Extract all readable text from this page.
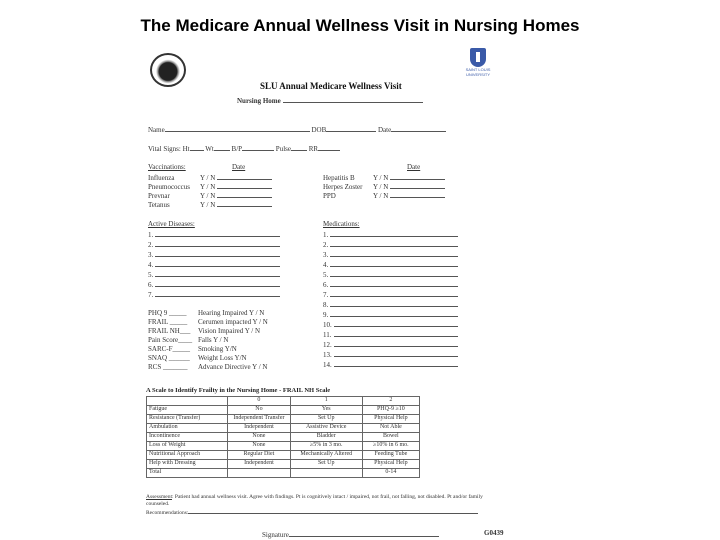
The Medicare Annual Wellness Visit in Nursing Homes
SAINT LOUIS UNIVERSITY
SLU Annual Medicare Wellness Visit
Nursing Home
Name	DOB	Date
Vital Signs: Ht Wt	B/P	Pulse	RR
Vaccinations:	Date	Date
Influenza	Y / N
Pneumococcus Y / N
Prevnar	Y / N
Tetanus	Y / N
Hepatitis B	Y / N
Herpes Zoster Y / N
PPD	Y / N
Active Diseases:
1.
2.
3.
4.
5.
6.
7.
Medications:
1.
2.
3.
4.
5.
6.
7.
8.
9.
10.
11.
12.
13.
14.
PHQ 9 _____ Hearing Impaired Y / N
FRAIL _____ Cerumen impacted Y / N
FRAIL NH___ Vision Impaired Y / N
Pain Score____ Falls Y / N
SARC-F_____ Smoking Y/N
SNAQ ______ Weight Loss Y/N
RCS _______ Advance Directive Y / N
A Scale to Identify Frailty in the Nursing Home - FRAIL NH Scale
	0	1	2
Fatigue	No	Yes	PHQ-9 ≥10
Resistance (Transfer)	Independent Transfer	Set Up	Physical Help
Ambulation	Independent	Assistive Device	Not Able
Incontinence	None	Bladder	Bowel
Loss of Weight	None	≥5% in 3 mo.	≥10% in 6 mo.
Nutritional Approach	Regular Diet	Mechanically Altered	Feeding Tube
Help with Dressing	Independent	Set Up	Physical Help
Total			0-14
Assessment: Patient had annual wellness visit. Agree with findings. Pt is cognitively intact / impaired, not frail, not falling, not disabled. Pt and/or family counseled.
Recommendations:
Signature	G0439
